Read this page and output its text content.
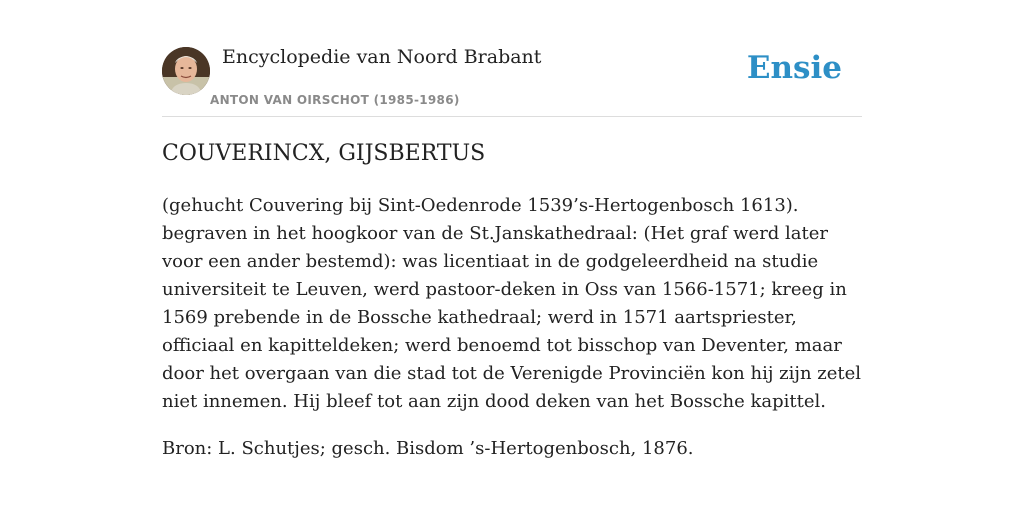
Encyclopedie van Noord Brabant
ANTON VAN OIRSCHOT (1985-1986)
Ensie
COUVERINCX, GIJSBERTUS

(gehucht Couvering bij Sint-Oedenrode 1539’s-Hertogenbosch 1613). begraven in het hoogkoor van de St.Janskathedraal: (Het graf werd later voor een ander bestemd): was licentiaat in de godgeleerdheid na studie universiteit te Leuven, werd pastoor-deken in Oss van 1566-1571; kreeg in 1569 prebende in de Bossche kathedraal; werd in 1571 aartspriester, officiaal en kapitteldeken; werd benoemd tot bisschop van Deventer, maar door het overgaan van die stad tot de Verenigde Provinciën kon hij zijn zetel niet innemen. Hij bleef tot aan zijn dood deken van het Bossche kapittel.

Bron: L. Schutjes; gesch. Bisdom ’s-Hertogenbosch, 1876.
